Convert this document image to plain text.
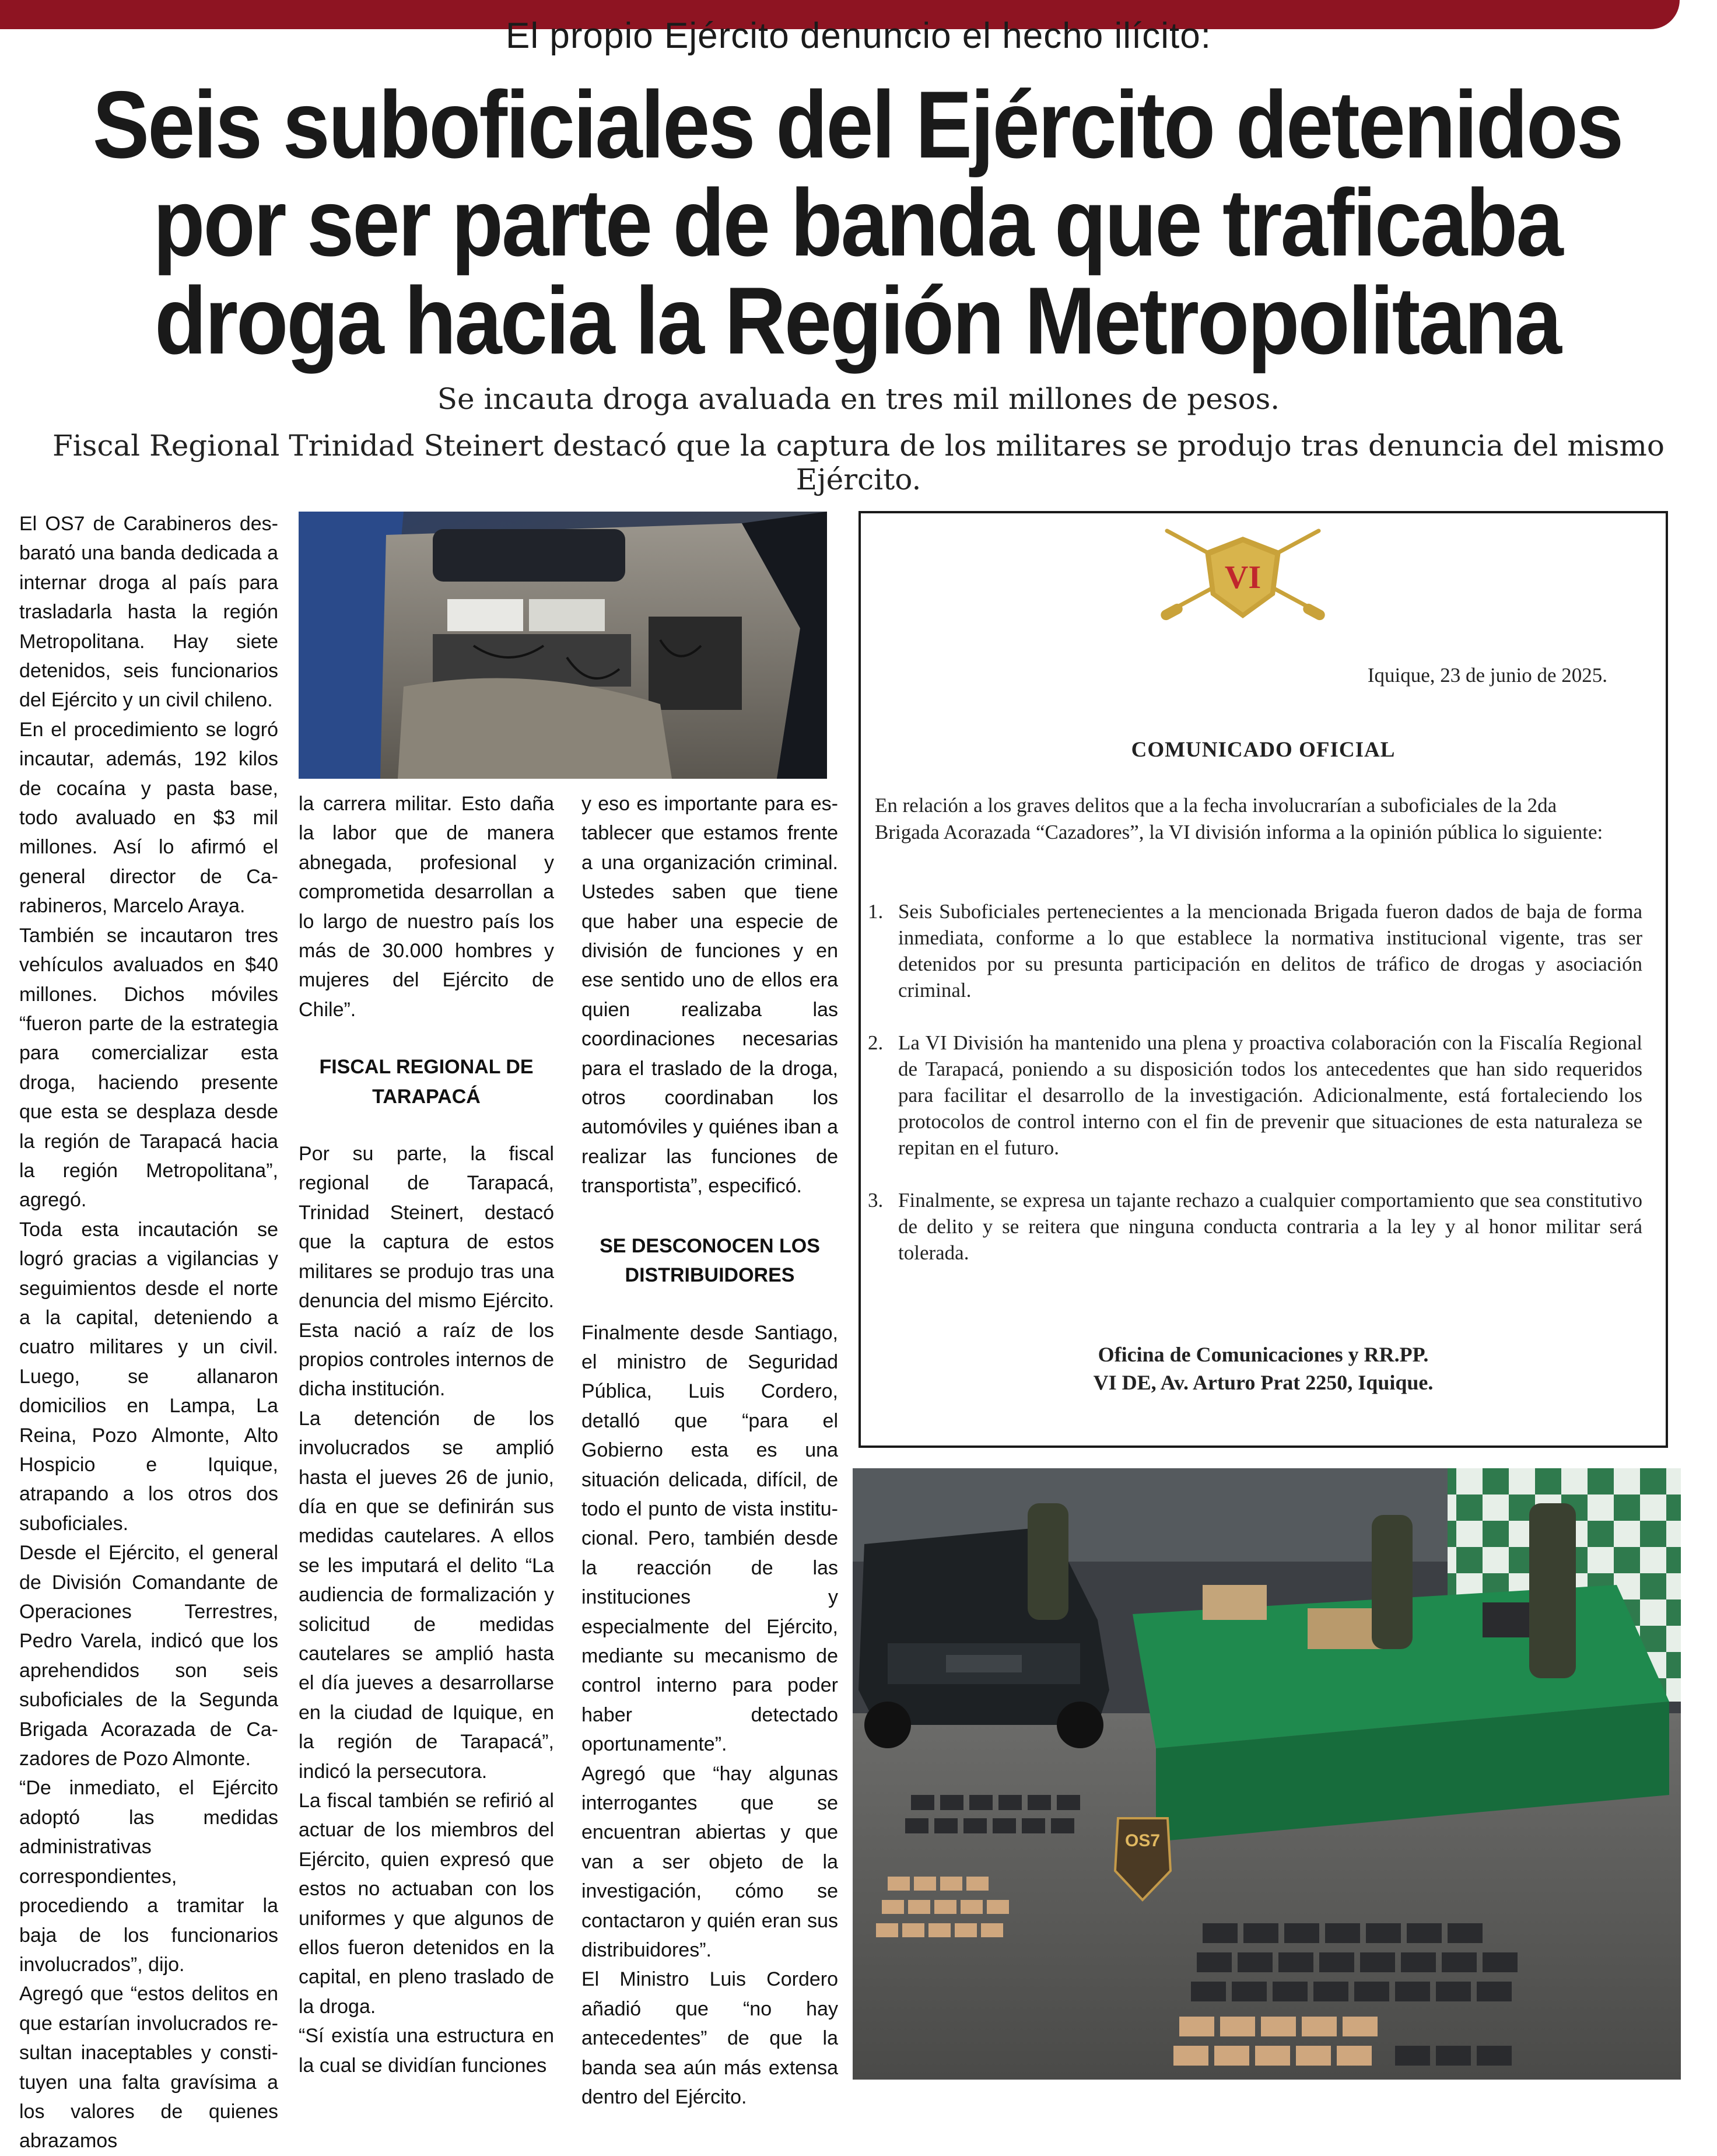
El propio Ejército denuncio el hecho ilícito:
Seis suboficiales del Ejército detenidos
por ser parte de banda que traficaba
droga hacia la Región Metropolitana
Se incauta droga avaluada en tres mil millones de pesos.
Fiscal Regional Trinidad Steinert destacó que la captura de los militares se produjo tras denuncia del mismo Ejército.

El OS7 de Carabineros desbaratό una banda dedicada a internar droga al país para trasladarla hasta la región Metropolitana. Hay siete detenidos, seis funcionarios del Ejército y un civil chileno.

En el procedimiento se logró incautar, además, 192 kilos de cocaína y pasta base, todo avaluado en $3 mil millones. Así lo afirmó el general director de Carabineros, Marcelo Araya.

También se incautaron tres vehículos avaluados en $40 millones. Dichos móviles “fueron parte de la estrategia para comercializar esta droga, haciendo presente que esta se desplaza desde la región de Tarapacá hacia la región Metropolitana”, agregó.

Toda esta incautación se logró gracias a vigilancias y seguimientos desde el norte a la capital, deteniendo a cuatro militares y un civil. Luego, se allanaron domicilios en Lampa, La Reina, Pozo Almonte, Alto Hospicio e Iquique, atrapando a los otros dos suboficiales.

Desde el Ejército, el general de División Comandante de Operaciones Terrestres, Pedro Varela, indicó que los aprehendidos son seis suboficiales de la Segunda Brigada Acorazada de Cazadores de Pozo Almonte.

“De inmediato, el Ejército adoptó las medidas administrativas correspondientes, procediendo a tramitar la baja de los funcionarios involucrados”, dijo.

Agregó que “estos delitos en que estarían involucrados resultan inaceptables y constituyen una falta gravísima a los valores de quienes abrazamos

la carrera militar. Esto daña la labor que de manera abnegada, profesional y comprometida desarrollan a lo largo de nuestro país los más de 30.000 hombres y mujeres del Ejército de Chile”.

FISCAL REGIONAL DE TARAPACÁ

Por su parte, la fiscal regional de Tarapacá, Trinidad Steinert, destacó que la captura de estos militares se produjo tras una denuncia del mismo Ejército. Esta nació a raíz de los propios controles internos de dicha institución.

La detención de los involucrados se amplió hasta el jueves 26 de junio, día en que se definirán sus medidas cautelares. A ellos se les imputará el delito “La audiencia de formalización y solicitud de medidas cautelares se amplió hasta el día jueves a desarrollarse en la ciudad de Iquique, en la región de Tarapacá”, indicó la persecutora.

La fiscal también se refirió al actuar de los miembros del Ejército, quien expresó que estos no actuaban con los uniformes y que algunos de ellos fueron detenidos en la capital, en pleno traslado de la droga.

“Sí existía una estructura en la cual se dividían funciones

y eso es importante para establecer que estamos frente a una organización criminal. Ustedes saben que tiene que haber una especie de división de funciones y en ese sentido uno de ellos era quien realizaba las coordinaciones necesarias para el traslado de la droga, otros coordinaban los automóviles y quiénes iban a realizar las funciones de transportista”, especificó.

SE DESCONOCEN LOS DISTRIBUIDORES

Finalmente desde Santiago, el ministro de Seguridad Pública, Luis Cordero, detalló que “para el Gobierno esta es una situación delicada, difícil, de todo el punto de vista institucional. Pero, también desde la reacción de las instituciones y especialmente del Ejército, mediante su mecanismo de control interno para poder haber detectado oportunamente”.

Agregó que “hay algunas interrogantes que se encuentran abiertas y que van a ser objeto de la investigación, cómo se contactaron y quién eran sus distribuidores”.

El Ministro Luis Cordero añadió que “no hay antecedentes” de que la banda sea aún más extensa dentro del Ejército.

VI
Iquique, 23 de junio de 2025.
COMUNICADO OFICIAL

En relación a los graves delitos que a la fecha involucrarían a suboficiales de la 2da Brigada Acorazada “Cazadores”, la VI división informa a la opinión pública lo siguiente:

1. Seis Suboficiales pertenecientes a la mencionada Brigada fueron dados de baja de forma inmediata, conforme a lo que establece la normativa institucional vigente, tras ser detenidos por su presunta participación en delitos de tráfico de drogas y asociación criminal.
2. La VI División ha mantenido una plena y proactiva colaboración con la Fiscalía Regional de Tarapacá, poniendo a su disposición todos los antecedentes que han sido requeridos para facilitar el desarrollo de la investigación. Adicionalmente, está fortaleciendo los protocolos de control interno con el fin de prevenir que situaciones de esta naturaleza se repitan en el futuro.
3. Finalmente, se expresa un tajante rechazo a cualquier comportamiento que sea constitutivo de delito y se reitera que ninguna conducta contraria a la ley y al honor militar será tolerada.
Oficina de Comunicaciones y RR.PP.
VI DE, Av. Arturo Prat 2250, Iquique.
OS7
